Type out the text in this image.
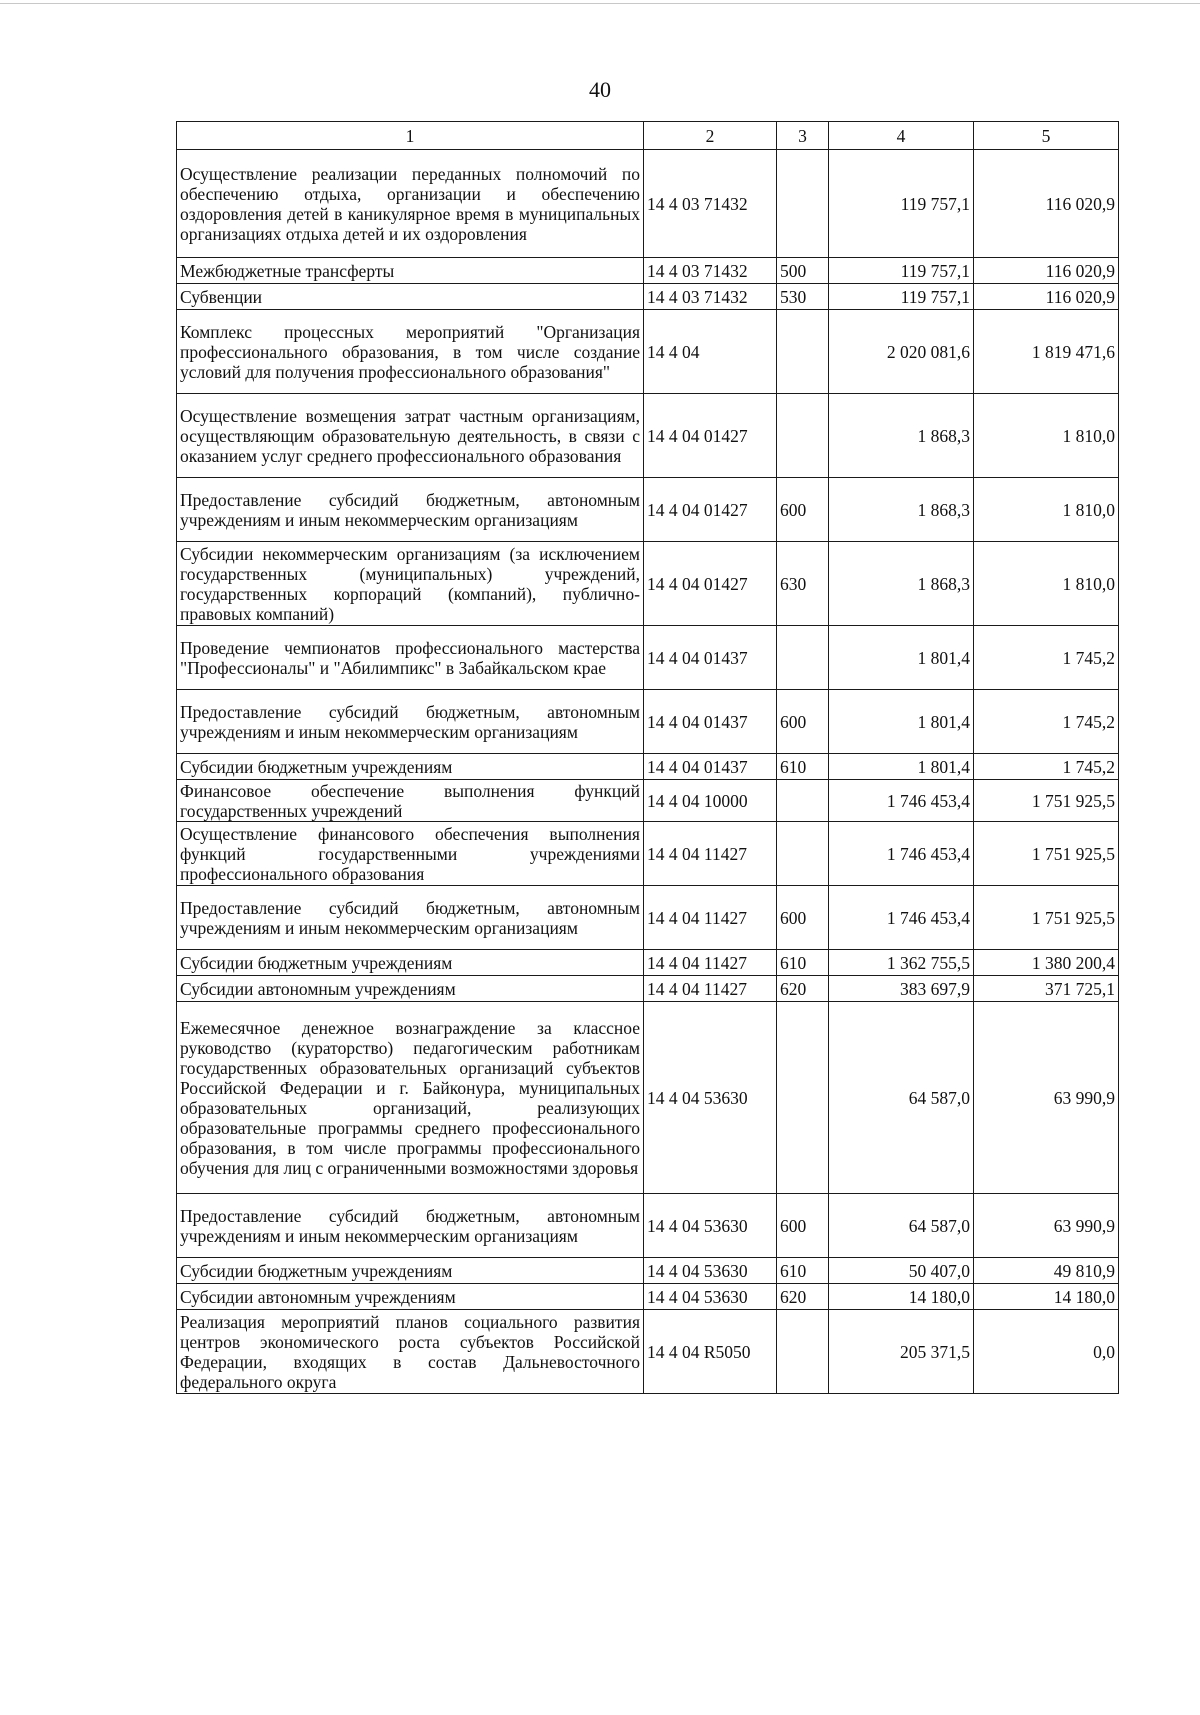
40
1	2	3	4	5
Осуществление реализации переданных полномочий по обеспечению отдыха, организации и обеспечению оздоровления детей в каникулярное время в муниципальных организациях отдыха детей и их оздоровления	14 4 03 71432		119 757,1	116 020,9
Межбюджетные трансферты	14 4 03 71432	500	119 757,1	116 020,9
Субвенции	14 4 03 71432	530	119 757,1	116 020,9
Комплекс процессных мероприятий "Организация профессионального образования, в том числе создание условий для получения профессионального образования"	14 4 04		2 020 081,6	1 819 471,6
Осуществление возмещения затрат частным организациям, осуществляющим образовательную деятельность, в связи с оказанием услуг среднего профессионального образования	14 4 04 01427		1 868,3	1 810,0
Предоставление субсидий бюджетным, автономным учреждениям и иным некоммерческим организациям	14 4 04 01427	600	1 868,3	1 810,0
Субсидии некоммерческим организациям (за исключением государственных (муниципальных) учреждений, государственных корпораций (компаний), публично-правовых компаний)	14 4 04 01427	630	1 868,3	1 810,0
Проведение чемпионатов профессионального мастерства "Профессионалы" и "Абилимпикс" в Забайкальском крае	14 4 04 01437		1 801,4	1 745,2
Предоставление субсидий бюджетным, автономным учреждениям и иным некоммерческим организациям	14 4 04 01437	600	1 801,4	1 745,2
Субсидии бюджетным учреждениям	14 4 04 01437	610	1 801,4	1 745,2
Финансовое обеспечение выполнения функций государственных учреждений	14 4 04 10000		1 746 453,4	1 751 925,5
Осуществление финансового обеспечения выполнения функций государственными учреждениями профессионального образования	14 4 04 11427		1 746 453,4	1 751 925,5
Предоставление субсидий бюджетным, автономным учреждениям и иным некоммерческим организациям	14 4 04 11427	600	1 746 453,4	1 751 925,5
Субсидии бюджетным учреждениям	14 4 04 11427	610	1 362 755,5	1 380 200,4
Субсидии автономным учреждениям	14 4 04 11427	620	383 697,9	371 725,1
Ежемесячное денежное вознаграждение за классное руководство (кураторство) педагогическим работникам государственных образовательных организаций субъектов Российской Федерации и г. Байконура, муниципальных образовательных организаций, реализующих образовательные программы среднего профессионального образования, в том числе программы профессионального обучения для лиц с ограниченными возможностями здоровья	14 4 04 53630		64 587,0	63 990,9
Предоставление субсидий бюджетным, автономным учреждениям и иным некоммерческим организациям	14 4 04 53630	600	64 587,0	63 990,9
Субсидии бюджетным учреждениям	14 4 04 53630	610	50 407,0	49 810,9
Субсидии автономным учреждениям	14 4 04 53630	620	14 180,0	14 180,0
Реализация мероприятий планов социального развития центров экономического роста субъектов Российской Федерации, входящих в состав Дальневосточного федерального округа	14 4 04 R5050		205 371,5	0,0
